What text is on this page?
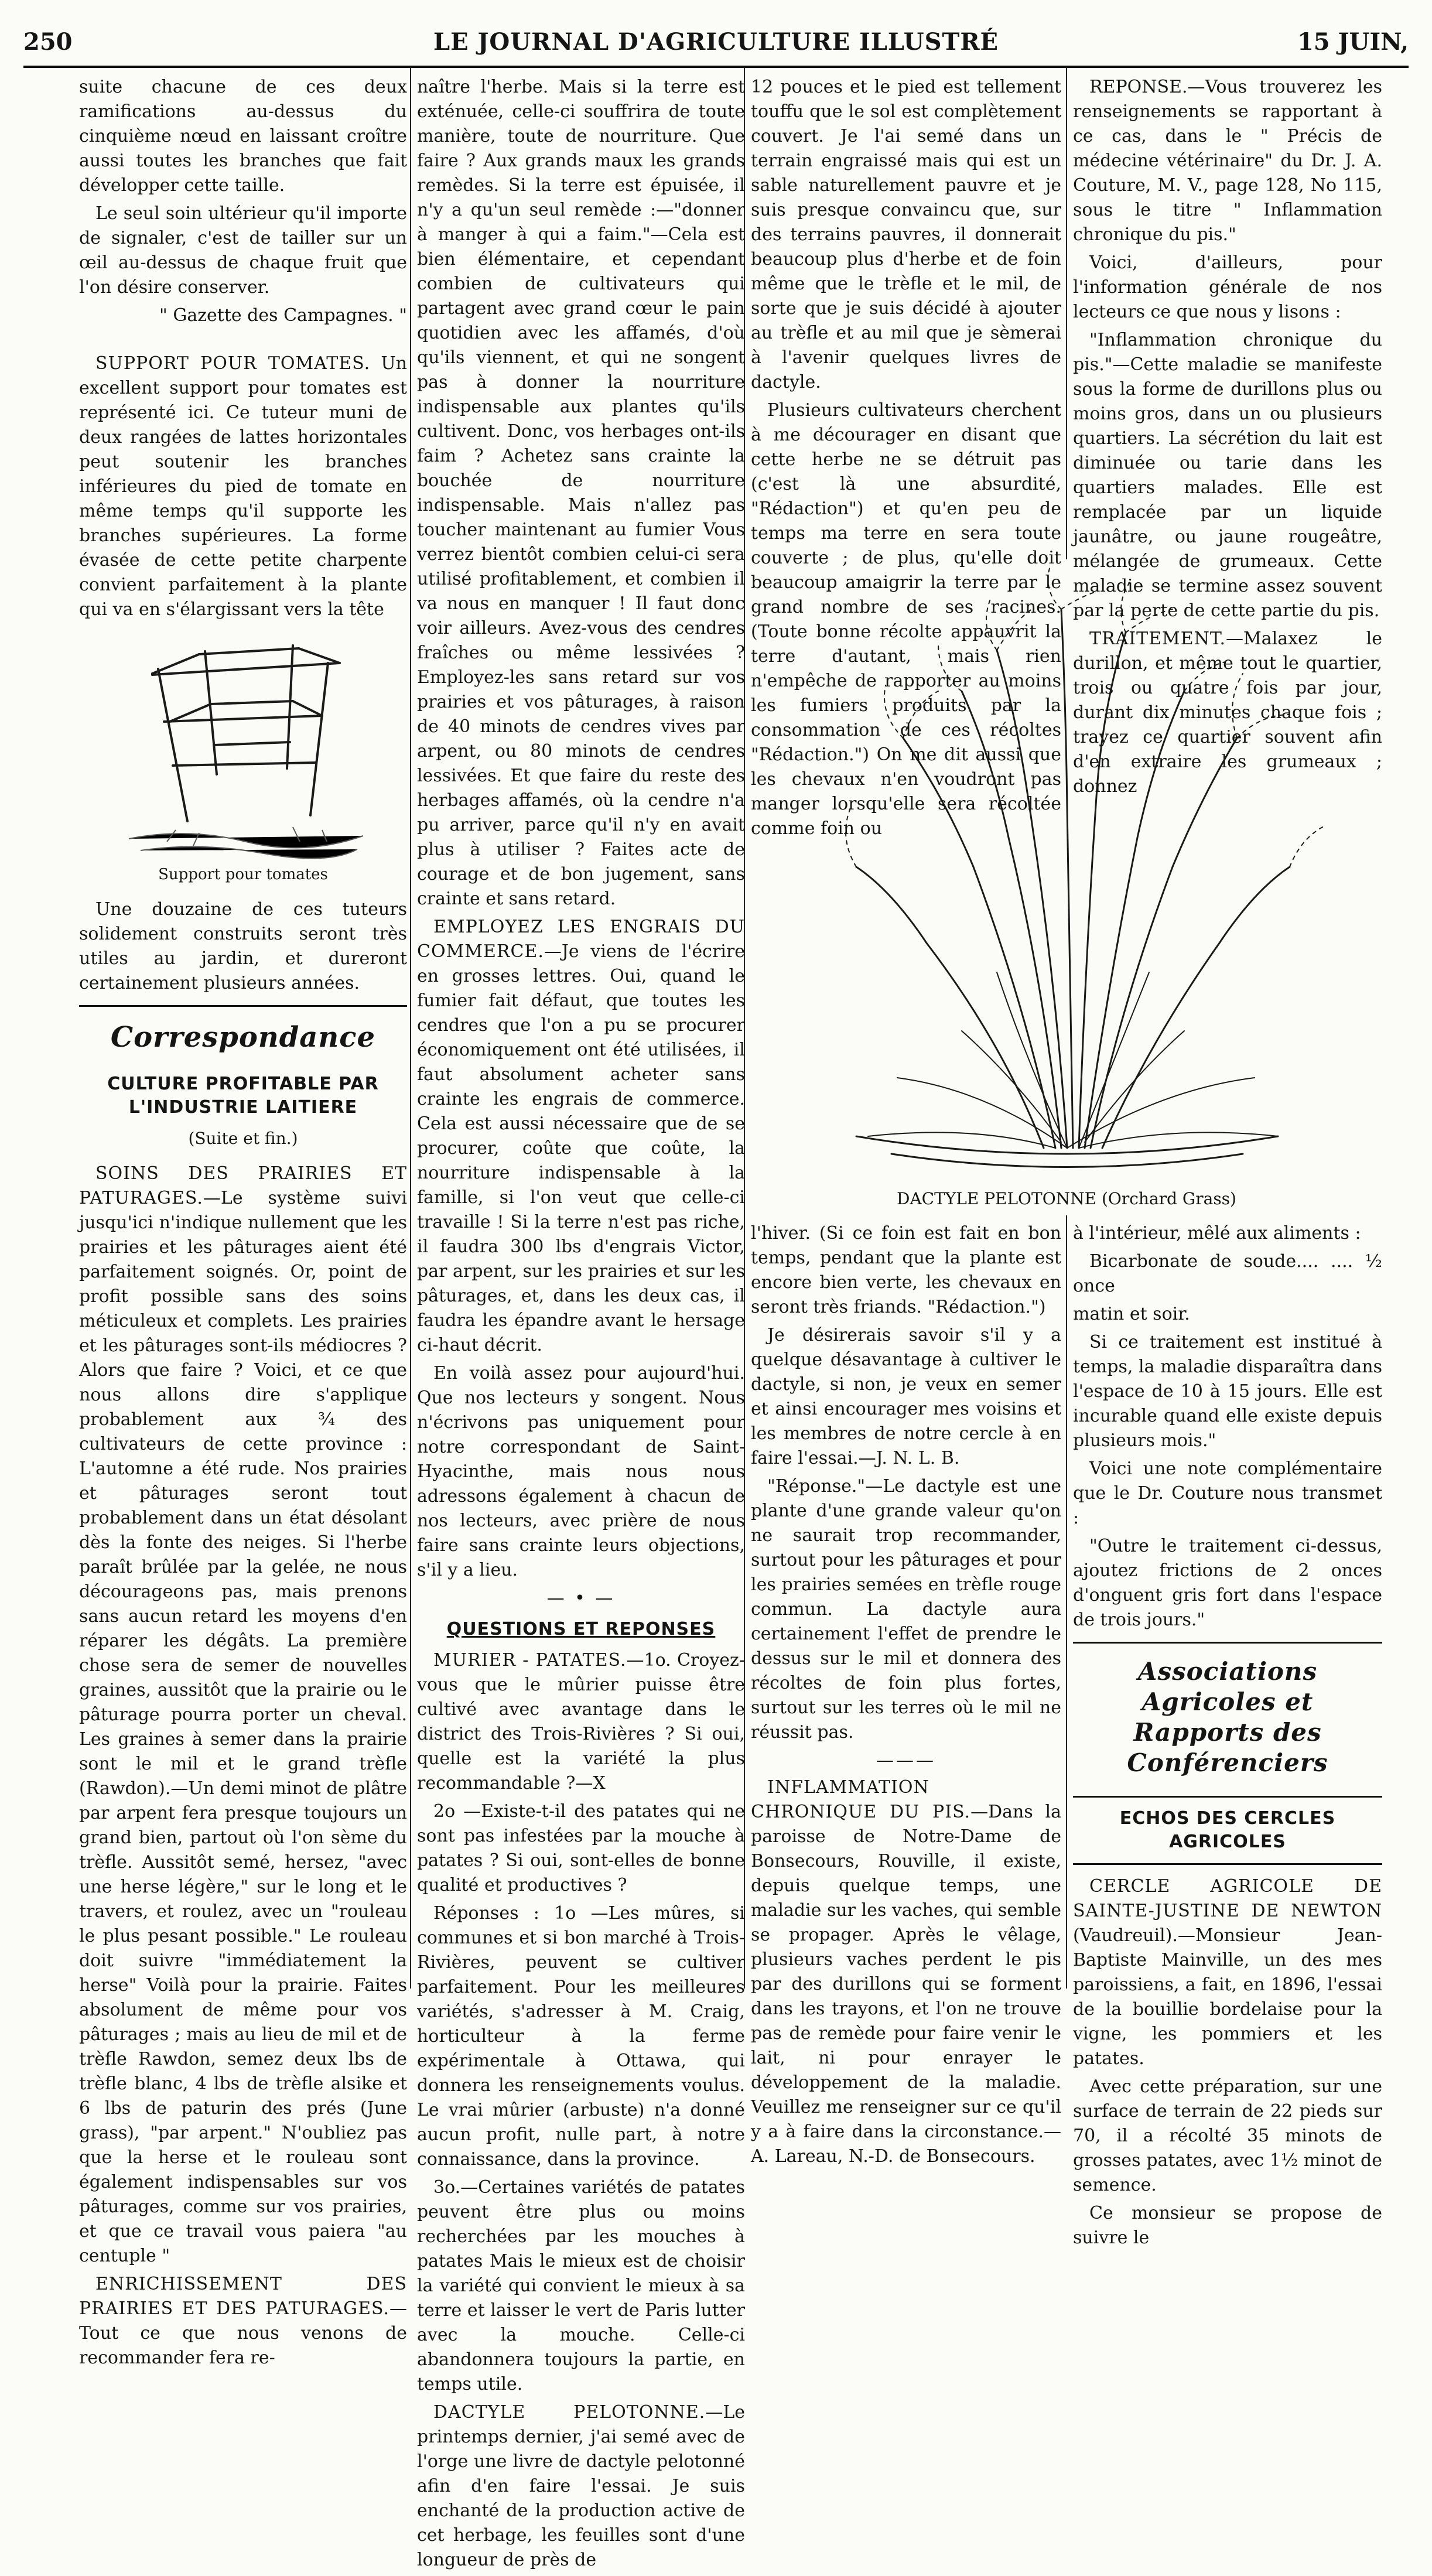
250	LE JOURNAL D'AGRICULTURE ILLUSTRÉ	15 JUIN,

suite chacune de ces deux ramifications au-dessus du cinquième nœud en laissant croître aussi toutes les branches que fait développer cette taille.

Le seul soin ultérieur qu'il importe de signaler, c'est de tailler sur un œil au-dessus de chaque fruit que l'on désire conserver.

" Gazette des Campagnes. "

SUPPORT POUR TOMATES. Un excellent support pour tomates est représenté ici. Ce tuteur muni de deux rangées de lattes horizontales peut soutenir les branches inférieures du pied de tomate en même temps qu'il supporte les branches supérieures. La forme évasée de cette petite charpente convient parfaitement à la plante qui va en s'élargissant vers la tête

Support pour tomates

Une douzaine de ces tuteurs solidement construits seront très utiles au jardin, et dureront certainement plusieurs années.

Correspondance
CULTURE PROFITABLE PAR L'INDUSTRIE LAITIERE
(Suite et fin.)

SOINS DES PRAIRIES ET PATURAGES.—Le système suivi jusqu'ici n'indique nullement que les prairies et les pâturages aient été parfaitement soignés. Or, point de profit possible sans des soins méticuleux et complets. Les prairies et les pâturages sont-ils médiocres ? Alors que faire ? Voici, et ce que nous allons dire s'applique probablement aux ¾ des cultivateurs de cette province : L'automne a été rude. Nos prairies et pâturages seront tout probablement dans un état désolant dès la fonte des neiges. Si l'herbe paraît brûlée par la gelée, ne nous décourageons pas, mais prenons sans aucun retard les moyens d'en réparer les dégâts. La première chose sera de semer de nouvelles graines, aussitôt que la prairie ou le pâturage pourra porter un cheval. Les graines à semer dans la prairie sont le mil et le grand trèfle (Rawdon).—Un demi minot de plâtre par arpent fera presque toujours un grand bien, partout où l'on sème du trèfle. Aussitôt semé, hersez, "avec une herse légère," sur le long et le travers, et roulez, avec un "rouleau le plus pesant possible." Le rouleau doit suivre "immédiatement la herse" Voilà pour la prairie. Faites absolument de même pour vos pâturages ; mais au lieu de mil et de trèfle Rawdon, semez deux lbs de trèfle blanc, 4 lbs de trèfle alsike et 6 lbs de paturin des prés (June grass), "par arpent." N'oubliez pas que la herse et le rouleau sont également indispensables sur vos pâturages, comme sur vos prairies, et que ce travail vous paiera "au centuple "

ENRICHISSEMENT DES PRAIRIES ET DES PATURAGES.—Tout ce que nous venons de recommander fera re-

naître l'herbe. Mais si la terre est exténuée, celle-ci souffrira de toute manière, toute de nourriture. Que faire ? Aux grands maux les grands remèdes. Si la terre est épuisée, il n'y a qu'un seul remède :—"donner à manger à qui a faim."—Cela est bien élémentaire, et cependant combien de cultivateurs qui partagent avec grand cœur le pain quotidien avec les affamés, d'où qu'ils viennent, et qui ne songent pas à donner la nourriture indispensable aux plantes qu'ils cultivent. Donc, vos herbages ont-ils faim ? Achetez sans crainte la bouchée de nourriture indispensable. Mais n'allez pas toucher maintenant au fumier Vous verrez bientôt combien celui-ci sera utilisé profitablement, et combien il va nous en manquer ! Il faut donc voir ailleurs. Avez-vous des cendres fraîches ou même lessivées ? Employez-les sans retard sur vos prairies et vos pâturages, à raison de 40 minots de cendres vives par arpent, ou 80 minots de cendres lessivées. Et que faire du reste des herbages affamés, où la cendre n'a pu arriver, parce qu'il n'y en avait plus à utiliser ? Faites acte de courage et de bon jugement, sans crainte et sans retard.

EMPLOYEZ LES ENGRAIS DU COMMERCE.—Je viens de l'écrire en grosses lettres. Oui, quand le fumier fait défaut, que toutes les cendres que l'on a pu se procurer économiquement ont été utilisées, il faut absolument acheter sans crainte les engrais de commerce. Cela est aussi nécessaire que de se procurer, coûte que coûte, la nourriture indispensable à la famille, si l'on veut que celle-ci travaille ! Si la terre n'est pas riche, il faudra 300 lbs d'engrais Victor, par arpent, sur les prairies et sur les pâturages, et, dans les deux cas, il faudra les épandre avant le hersage ci-haut décrit.

En voilà assez pour aujourd'hui. Que nos lecteurs y songent. Nous n'écrivons pas uniquement pour notre correspondant de Saint-Hyacinthe, mais nous nous adressons également à chacun de nos lecteurs, avec prière de nous faire sans crainte leurs objections, s'il y a lieu.

— • —
QUESTIONS ET REPONSES

MURIER - PATATES.—1o. Croyez-vous que le mûrier puisse être cultivé avec avantage dans le district des Trois-Rivières ? Si oui, quelle est la variété la plus recommandable ?—X

2o —Existe-t-il des patates qui ne sont pas infestées par la mouche à patates ? Si oui, sont-elles de bonne qualité et productives ?

Réponses : 1o —Les mûres, si communes et si bon marché à Trois-Rivières, peuvent se cultiver parfaitement. Pour les meilleures variétés, s'adresser à M. Craig, horticulteur à la ferme expérimentale à Ottawa, qui donnera les renseignements voulus. Le vrai mûrier (arbuste) n'a donné aucun profit, nulle part, à notre connaissance, dans la province.

3o.—Certaines variétés de patates peuvent être plus ou moins recherchées par les mouches à patates Mais le mieux est de choisir la variété qui convient le mieux à sa terre et laisser le vert de Paris lutter avec la mouche. Celle-ci abandonnera toujours la partie, en temps utile.

DACTYLE PELOTONNE.—Le printemps dernier, j'ai semé avec de l'orge une livre de dactyle pelotonné afin d'en faire l'essai. Je suis enchanté de la production active de cet herbage, les feuilles sont d'une longueur de près de

12 pouces et le pied est tellement touffu que le sol est complètement couvert. Je l'ai semé dans un terrain engraissé mais qui est un sable naturellement pauvre et je suis presque convaincu que, sur des terrains pauvres, il donnerait beaucoup plus d'herbe et de foin même que le trèfle et le mil, de sorte que je suis décidé à ajouter au trèfle et au mil que je sèmerai à l'avenir quelques livres de dactyle.

Plusieurs cultivateurs cherchent à me décourager en disant que cette herbe ne se détruit pas (c'est là une absurdité, "Rédaction") et qu'en peu de temps ma terre en sera toute couverte ; de plus, qu'elle doit beaucoup amaigrir la terre par le grand nombre de ses racines. (Toute bonne récolte appauvrit la terre d'autant, mais rien n'empêche de rapporter au moins les fumiers produits par la consommation de ces récoltes "Rédaction.") On me dit aussi que les chevaux n'en voudront pas manger lorsqu'elle sera récoltée comme foin ou

REPONSE.—Vous trouverez les renseignements se rapportant à ce cas, dans le " Précis de médecine vétérinaire" du Dr. J. A. Couture, M. V., page 128, No 115, sous le titre " Inflammation chronique du pis."

Voici, d'ailleurs, pour l'information générale de nos lecteurs ce que nous y lisons :

"Inflammation chronique du pis."—Cette maladie se manifeste sous la forme de durillons plus ou moins gros, dans un ou plusieurs quartiers. La sécrétion du lait est diminuée ou tarie dans les quartiers malades. Elle est remplacée par un liquide jaunâtre, ou jaune rougeâtre, mélangée de grumeaux. Cette maladie se termine assez souvent par la perte de cette partie du pis.

TRAITEMENT.—Malaxez le durillon, et même tout le quartier, trois ou quatre fois par jour, durant dix minutes chaque fois ; trayez ce quartier souvent afin d'en extraire les grumeaux ; donnez

DACTYLE PELOTONNE (Orchard Grass)

l'hiver. (Si ce foin est fait en bon temps, pendant que la plante est encore bien verte, les chevaux en seront très friands. "Rédaction.")

Je désirerais savoir s'il y a quelque désavantage à cultiver le dactyle, si non, je veux en semer et ainsi encourager mes voisins et les membres de notre cercle à en faire l'essai.—J. N. L. B.

"Réponse."—Le dactyle est une plante d'une grande valeur qu'on ne saurait trop recommander, surtout pour les pâturages et pour les prairies semées en trèfle rouge commun. La dactyle aura certainement l'effet de prendre le dessus sur le mil et donnera des récoltes de foin plus fortes, surtout sur les terres où le mil ne réussit pas.

———

INFLAMMATION CHRONIQUE DU PIS.—Dans la paroisse de Notre-Dame de Bonsecours, Rouville, il existe, depuis quelque temps, une maladie sur les vaches, qui semble se propager. Après le vêlage, plusieurs vaches perdent le pis par des durillons qui se forment dans les trayons, et l'on ne trouve pas de remède pour faire venir le lait, ni pour enrayer le développement de la maladie. Veuillez me renseigner sur ce qu'il y a à faire dans la circonstance.—A. Lareau, N.-D. de Bonsecours.

à l'intérieur, mêlé aux aliments :

Bicarbonate de soude.... .... ½ once

matin et soir.

Si ce traitement est institué à temps, la maladie disparaîtra dans l'espace de 10 à 15 jours. Elle est incurable quand elle existe depuis plusieurs mois."

Voici une note complémentaire que le Dr. Couture nous transmet :

"Outre le traitement ci-dessus, ajoutez frictions de 2 onces d'onguent gris fort dans l'espace de trois jours."

Associations Agricoles et Rapports des Conférenciers
ECHOS DES CERCLES AGRICOLES

CERCLE AGRICOLE DE SAINTE-JUSTINE DE NEWTON (Vaudreuil).—Monsieur Jean-Baptiste Mainville, un des mes paroissiens, a fait, en 1896, l'essai de la bouillie bordelaise pour la vigne, les pommiers et les patates.

Avec cette préparation, sur une surface de terrain de 22 pieds sur 70, il a récolté 35 minots de grosses patates, avec 1½ minot de semence.

Ce monsieur se propose de suivre le
